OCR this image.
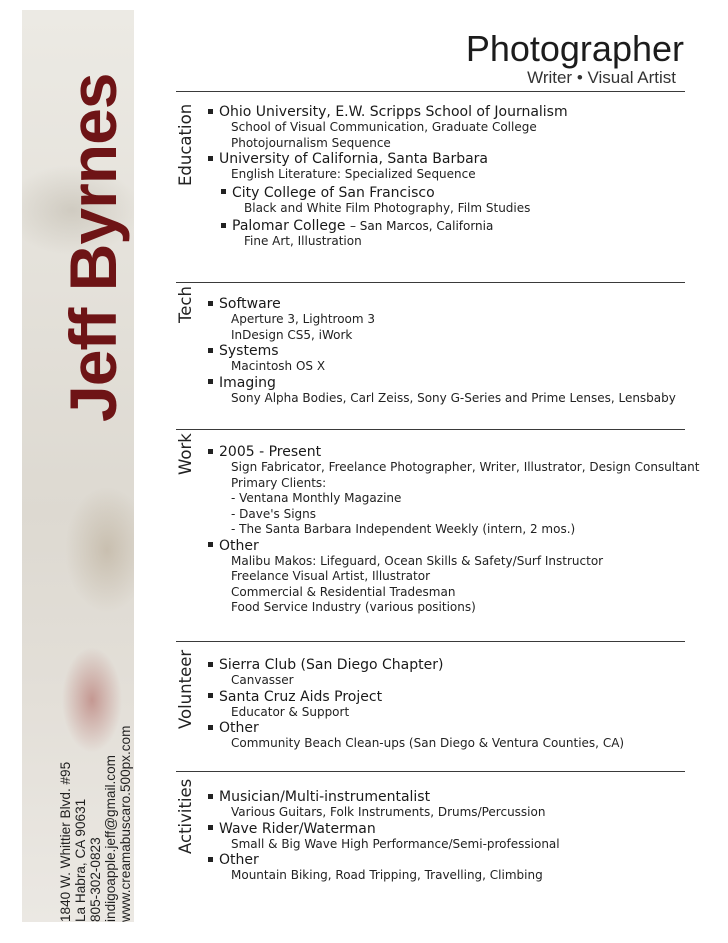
Jeff Byrnes
1840 W. Whittier Blvd. #95 La Habra, CA 90631 805-302-0823 indigoapple.jeff@gmail.com www.creamabuscaro.500px.com
Photographer
Writer • Visual Artist
Education	Ohio University, E.W. Scripps School of Journalism
School of Visual Communication, Graduate College
Photojournalism Sequence
University of California, Santa Barbara
English Literature: Specialized Sequence
City College of San Francisco
Black and White Film Photography, Film Studies
Palomar College – San Marcos, California
Fine Art, Illustration
Tech	Software
Aperture 3, Lightroom 3
InDesign CS5, iWork
Systems
Macintosh OS X
Imaging
Sony Alpha Bodies, Carl Zeiss, Sony G-Series and Prime Lenses, Lensbaby
Work	2005 - Present
Sign Fabricator, Freelance Photographer, Writer, Illustrator, Design Consultant
Primary Clients:
- Ventana Monthly Magazine
- Dave's Signs
- The Santa Barbara Independent Weekly (intern, 2 mos.)
Other
Malibu Makos: Lifeguard, Ocean Skills & Safety/Surf Instructor
Freelance Visual Artist, Illustrator
Commercial & Residential Tradesman
Food Service Industry (various positions)
Volunteer	Sierra Club (San Diego Chapter)
Canvasser
Santa Cruz Aids Project
Educator & Support
Other
Community Beach Clean-ups (San Diego & Ventura Counties, CA)
Activities	Musician/Multi-instrumentalist
Various Guitars, Folk Instruments, Drums/Percussion
Wave Rider/Waterman
Small & Big Wave High Performance/Semi-professional
Other
Mountain Biking, Road Tripping, Travelling, Climbing
